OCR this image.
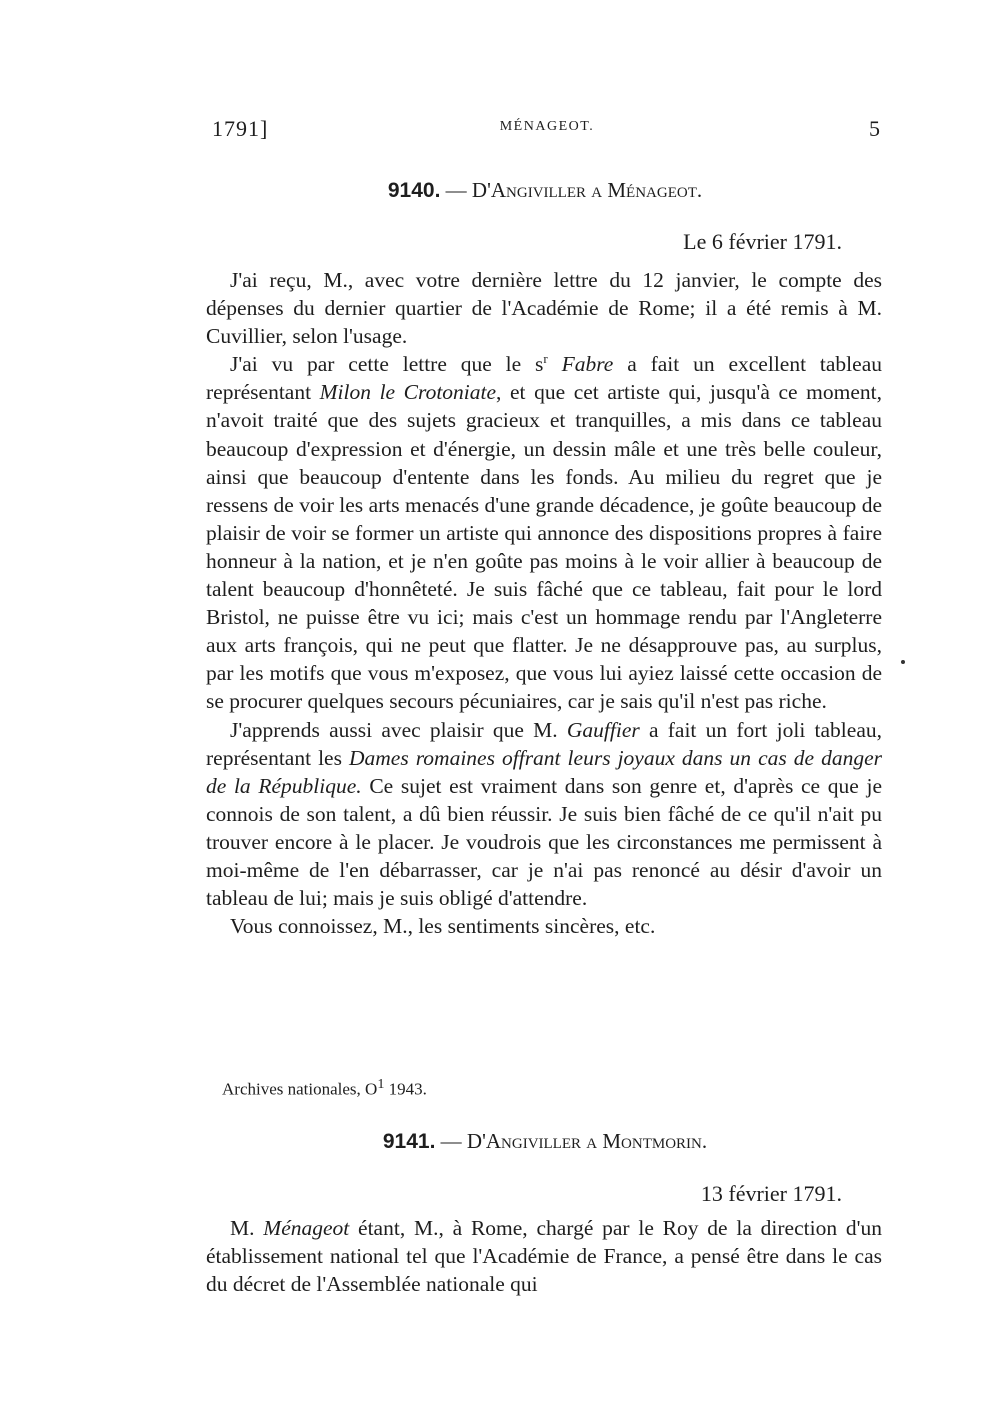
1791]	MÉNAGEOT.	5
9140. — D'Angiviller a Ménageot.
Le 6 février 1791.

J'ai reçu, M., avec votre dernière lettre du 12 janvier, le compte des dépenses du dernier quartier de l'Académie de Rome; il a été remis à M. Cuvillier, selon l'usage.

J'ai vu par cette lettre que le $s^r$ Fabre a fait un excellent tableau représentant Milon le Crotoniate, et que cet artiste qui, jusqu'à ce moment, n'avoit traité que des sujets gracieux et tranquilles, a mis dans ce tableau beaucoup d'expression et d'énergie, un dessin mâle et une très belle couleur, ainsi que beaucoup d'entente dans les fonds. Au milieu du regret que je ressens de voir les arts menacés d'une grande décadence, je goûte beaucoup de plaisir de voir se former un artiste qui annonce des dispositions propres à faire honneur à la nation, et je n'en goûte pas moins à le voir allier à beaucoup de talent beaucoup d'honnêteté. Je suis fâché que ce tableau, fait pour le lord Bristol, ne puisse être vu ici; mais c'est un hommage rendu par l'Angleterre aux arts françois, qui ne peut que flatter. Je ne désapprouve pas, au surplus, par les motifs que vous m'exposez, que vous lui ayiez laissé cette occasion de se procurer quelques secours pécuniaires, car je sais qu'il n'est pas riche.

J'apprends aussi avec plaisir que M. Gauffier a fait un fort joli tableau, représentant les Dames romaines offrant leurs joyaux dans un cas de danger de la République. Ce sujet est vraiment dans son genre et, d'après ce que je connois de son talent, a dû bien réussir. Je suis bien fâché de ce qu'il n'ait pu trouver encore à le placer. Je voudrois que les circonstances me permissent à moi-même de l'en débarrasser, car je n'ai pas renoncé au désir d'avoir un tableau de lui; mais je suis obligé d'attendre.

Vous connoissez, M., les sentiments sincères, etc.

Archives nationales, $O^1$ 1943.
9141. — D'Angiviller a Montmorin.
13 février 1791.

M. Ménageot étant, M., à Rome, chargé par le Roy de la direction d'un établissement national tel que l'Académie de France, a pensé être dans le cas du décret de l'Assemblée nationale qui
